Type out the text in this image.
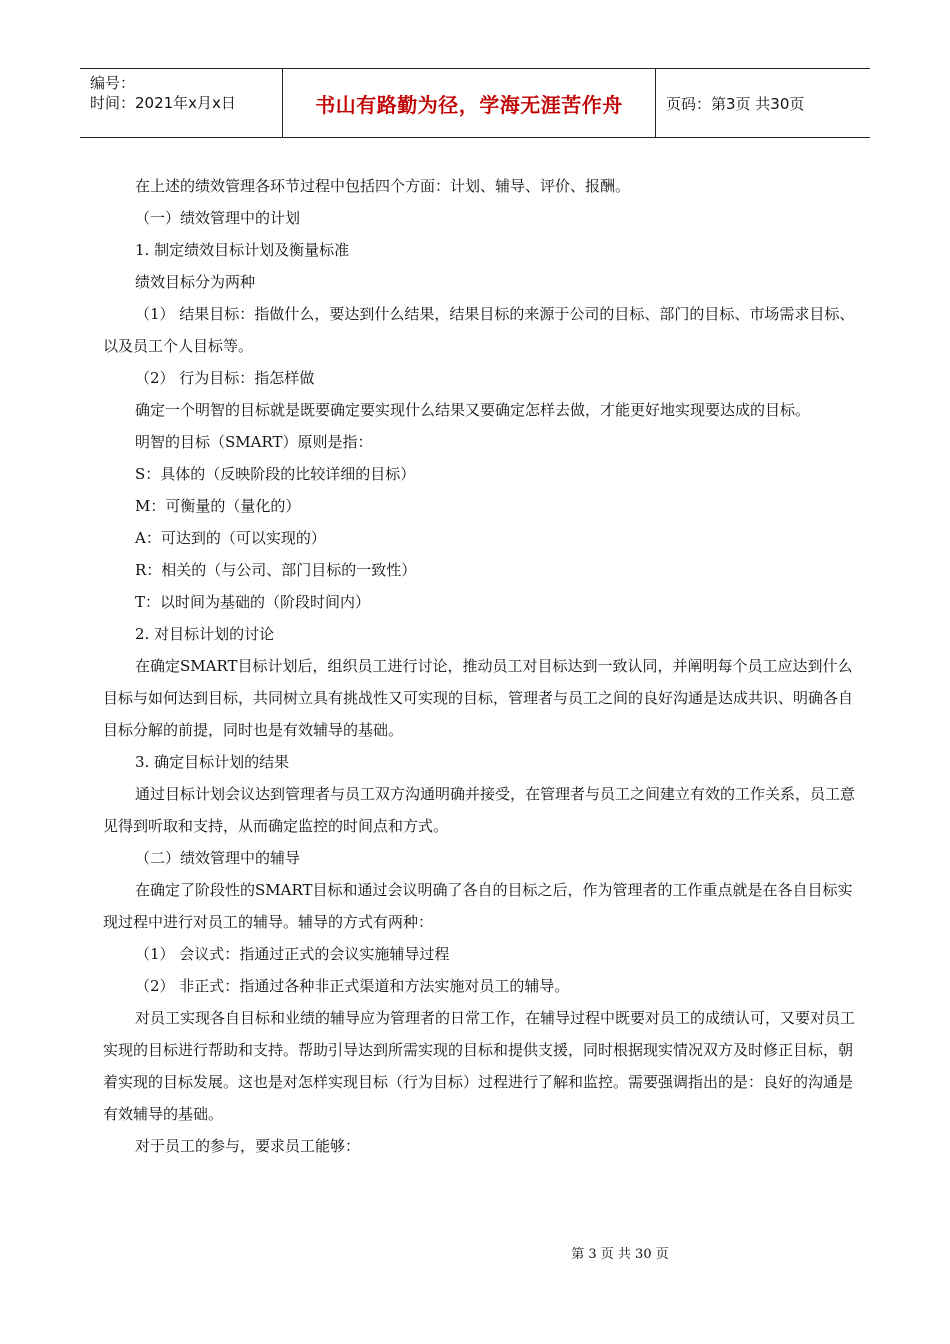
编号：
时间：2021年x月x日	书山有路勤为径，学海无涯苦作舟	页码：第3页 共30页

在上述的绩效管理各环节过程中包括四个方面：计划、辅导、评价、报酬。

（一）绩效管理中的计划

1. 制定绩效目标计划及衡量标准

绩效目标分为两种

（1） 结果目标：指做什么，要达到什么结果，结果目标的来源于公司的目标、部门的目标、市场需求目标、以及员工个人目标等。

（2） 行为目标：指怎样做

确定一个明智的目标就是既要确定要实现什么结果又要确定怎样去做，才能更好地实现要达成的目标。

明智的目标（SMART）原则是指：

S：具体的（反映阶段的比较详细的目标）

M：可衡量的（量化的）

A：可达到的（可以实现的）

R：相关的（与公司、部门目标的一致性）

T：以时间为基础的（阶段时间内）

2. 对目标计划的讨论

在确定SMART目标计划后，组织员工进行讨论，推动员工对目标达到一致认同，并阐明每个员工应达到什么目标与如何达到目标，共同树立具有挑战性又可实现的目标，管理者与员工之间的良好沟通是达成共识、明确各自目标分解的前提，同时也是有效辅导的基础。

3. 确定目标计划的结果

通过目标计划会议达到管理者与员工双方沟通明确并接受，在管理者与员工之间建立有效的工作关系，员工意见得到听取和支持，从而确定监控的时间点和方式。

（二）绩效管理中的辅导

在确定了阶段性的SMART目标和通过会议明确了各自的目标之后，作为管理者的工作重点就是在各自目标实现过程中进行对员工的辅导。辅导的方式有两种：

（1） 会议式：指通过正式的会议实施辅导过程

（2） 非正式：指通过各种非正式渠道和方法实施对员工的辅导。

对员工实现各自目标和业绩的辅导应为管理者的日常工作，在辅导过程中既要对员工的成绩认可，又要对员工实现的目标进行帮助和支持。帮助引导达到所需实现的目标和提供支援，同时根据现实情况双方及时修正目标，朝着实现的目标发展。这也是对怎样实现目标（行为目标）过程进行了解和监控。需要强调指出的是：良好的沟通是有效辅导的基础。

对于员工的参与，要求员工能够：

第 3 页 共 30 页
